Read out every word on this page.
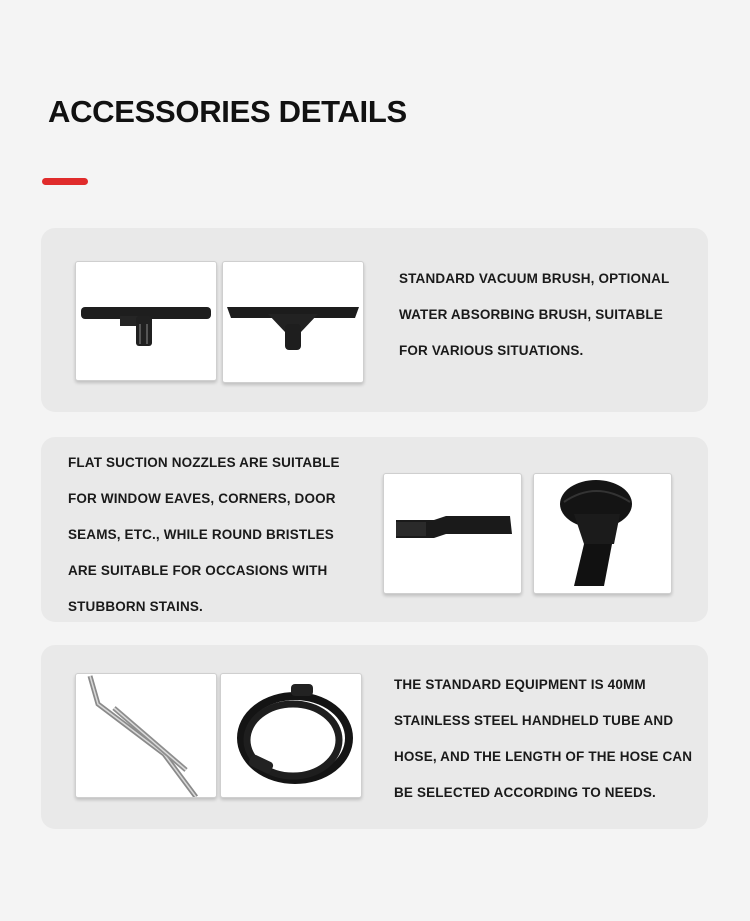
ACCESSORIES DETAILS
STANDARD VACUUM BRUSH, OPTIONAL
WATER ABSORBING BRUSH, SUITABLE
FOR VARIOUS SITUATIONS.
FLAT SUCTION NOZZLES ARE SUITABLE
FOR WINDOW EAVES, CORNERS, DOOR
SEAMS, ETC., WHILE ROUND BRISTLES
ARE SUITABLE FOR OCCASIONS WITH
STUBBORN STAINS.
THE STANDARD EQUIPMENT IS 40MM
STAINLESS STEEL HANDHELD TUBE AND
HOSE, AND THE LENGTH OF THE HOSE CAN
BE SELECTED ACCORDING TO NEEDS.
